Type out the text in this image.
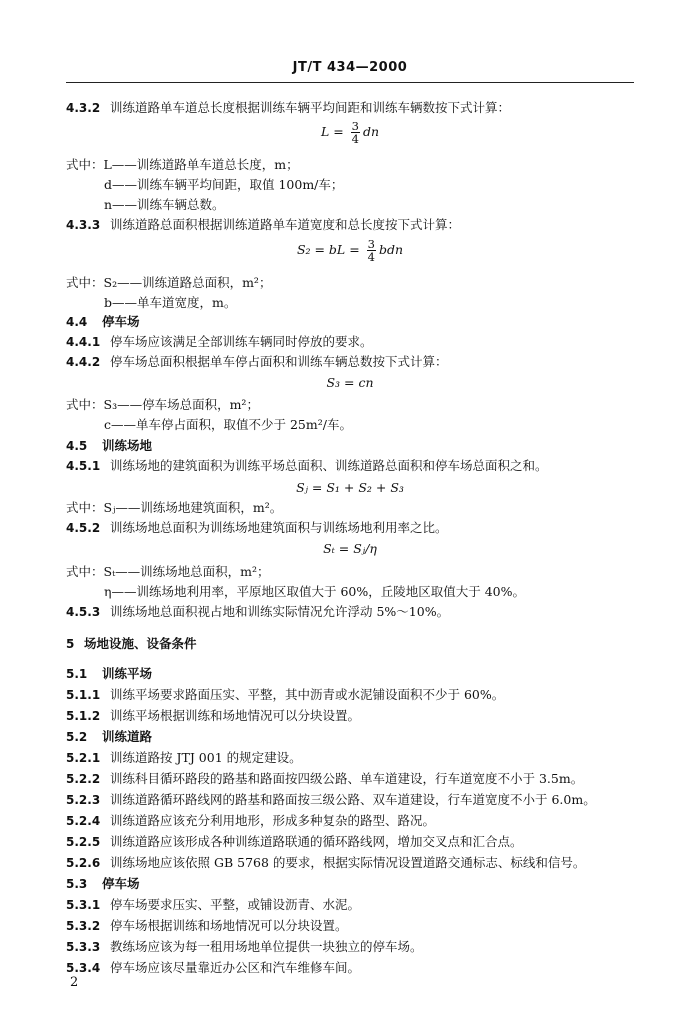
JT/T 434—2000
4.3.2 训练道路单车道总长度根据训练车辆平均间距和训练车辆数按下式计算：
$L = \frac{3}{4}$ dn
式中：L——训练道路单车道总长度，m；
d——训练车辆平均间距，取值 100m/车；
n——训练车辆总数。
4.3.3 训练道路总面积根据训练道路单车道宽度和总长度按下式计算：
S₂ = bL = $\frac{3}{4}$ bdn
式中：S₂——训练道路总面积，m²；
b——单车道宽度，m。
4.4 停车场
4.4.1 停车场应该满足全部训练车辆同时停放的要求。
4.4.2 停车场总面积根据单车停占面积和训练车辆总数按下式计算：
S₃ = cn
式中：S₃——停车场总面积，m²；
c——单车停占面积，取值不少于 25m²/车。
4.5 训练场地
4.5.1 训练场地的建筑面积为训练平场总面积、训练道路总面积和停车场总面积之和。
Sⱼ = S₁ + S₂ + S₃
式中：Sⱼ——训练场地建筑面积，m²。
4.5.2 训练场地总面积为训练场地建筑面积与训练场地利用率之比。
Sₜ = Sⱼ/η
式中：Sₜ——训练场地总面积，m²；
η——训练场地利用率，平原地区取值大于 60%，丘陵地区取值大于 40%。
4.5.3 训练场地总面积视占地和训练实际情况允许浮动 5%～10%。
5 场地设施、设备条件
5.1 训练平场
5.1.1 训练平场要求路面压实、平整，其中沥青或水泥铺设面积不少于 60%。
5.1.2 训练平场根据训练和场地情况可以分块设置。
5.2 训练道路
5.2.1 训练道路按 JTJ 001 的规定建设。
5.2.2 训练科目循环路段的路基和路面按四级公路、单车道建设，行车道宽度不小于 3.5m。
5.2.3 训练道路循环路线网的路基和路面按三级公路、双车道建设，行车道宽度不小于 6.0m。
5.2.4 训练道路应该充分利用地形，形成多种复杂的路型、路况。
5.2.5 训练道路应该形成各种训练道路联通的循环路线网，增加交叉点和汇合点。
5.2.6 训练场地应该依照 GB 5768 的要求，根据实际情况设置道路交通标志、标线和信号。
5.3 停车场
5.3.1 停车场要求压实、平整，或铺设沥青、水泥。
5.3.2 停车场根据训练和场地情况可以分块设置。
5.3.3 教练场应该为每一租用场地单位提供一块独立的停车场。
5.3.4 停车场应该尽量靠近办公区和汽车维修车间。
2
